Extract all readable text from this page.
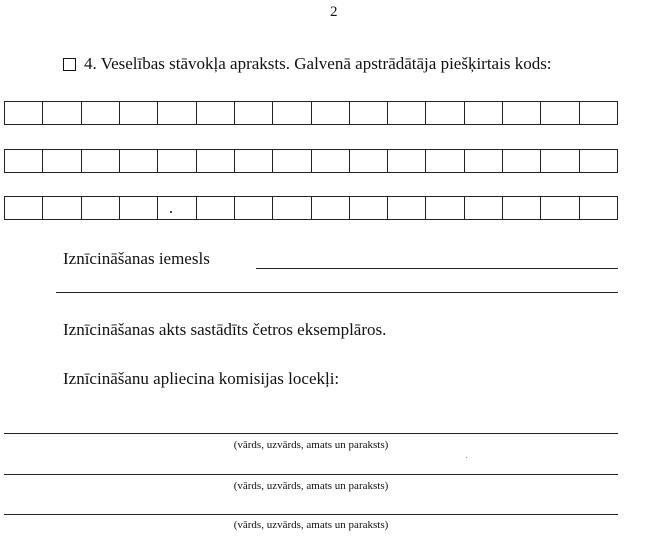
2
4. Veselības stāvokļa apraksts. Galvenā apstrādātāja piešķirtais kods:
Iznīcināšanas iemesls
Iznīcināšanas akts sastādīts četros eksemplāros.
Iznīcināšanu apliecina komisijas locekļi:
(vārds, uzvārds, amats un paraksts)
(vārds, uzvārds, amats un paraksts)
(vārds, uzvārds, amats un paraksts)
